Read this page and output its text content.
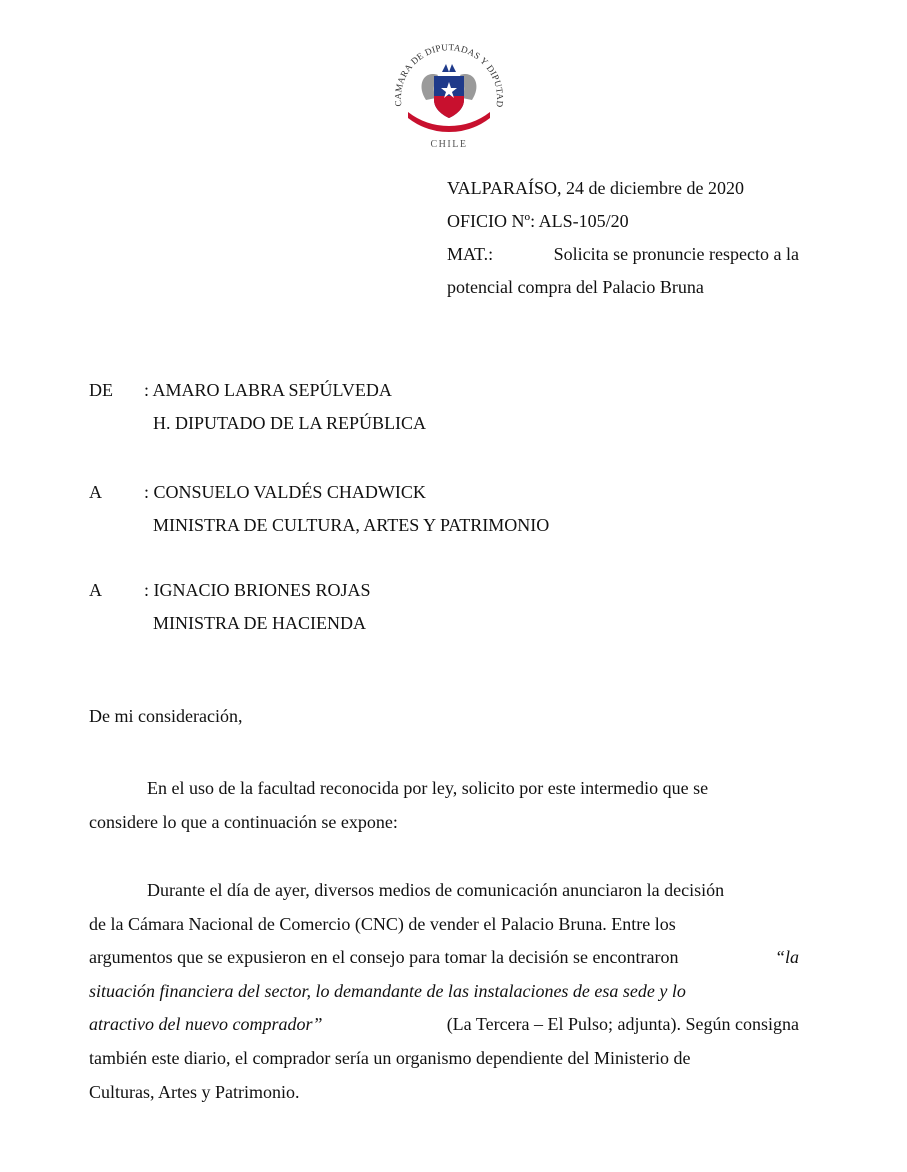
CAMARA DE DIPUTADAS Y DIPUTAD
CHILE
VALPARAÍSO, 24 de diciembre de 2020
OFICIO Nº: ALS-105/20
MAT.:	Solicita se pronuncie respecto a la
potencial compra del Palacio Bruna
DE	: AMARO LABRA SEPÚLVEDA
H. DIPUTADO DE LA REPÚBLICA
A	: CONSUELO VALDÉS CHADWICK
MINISTRA DE CULTURA, ARTES Y PATRIMONIO
A	: IGNACIO BRIONES ROJAS
MINISTRA DE HACIENDA
De mi consideración,
En el uso de la facultad reconocida por ley, solicito por este intermedio que se
considere lo que a continuación se expone:
Durante el día de ayer, diversos medios de comunicación anunciaron la decisión
de la Cámara Nacional de Comercio (CNC) de vender el Palacio Bruna. Entre los
argumentos que se expusieron en el consejo para tomar la decisión se encontraron	“la
situación financiera del sector, lo demandante de las instalaciones de esa sede y lo
atractivo del nuevo comprador”	(La Tercera – El Pulso; adjunta). Según consigna
también este diario, el comprador sería un organismo dependiente del Ministerio de
Culturas, Artes y Patrimonio.
